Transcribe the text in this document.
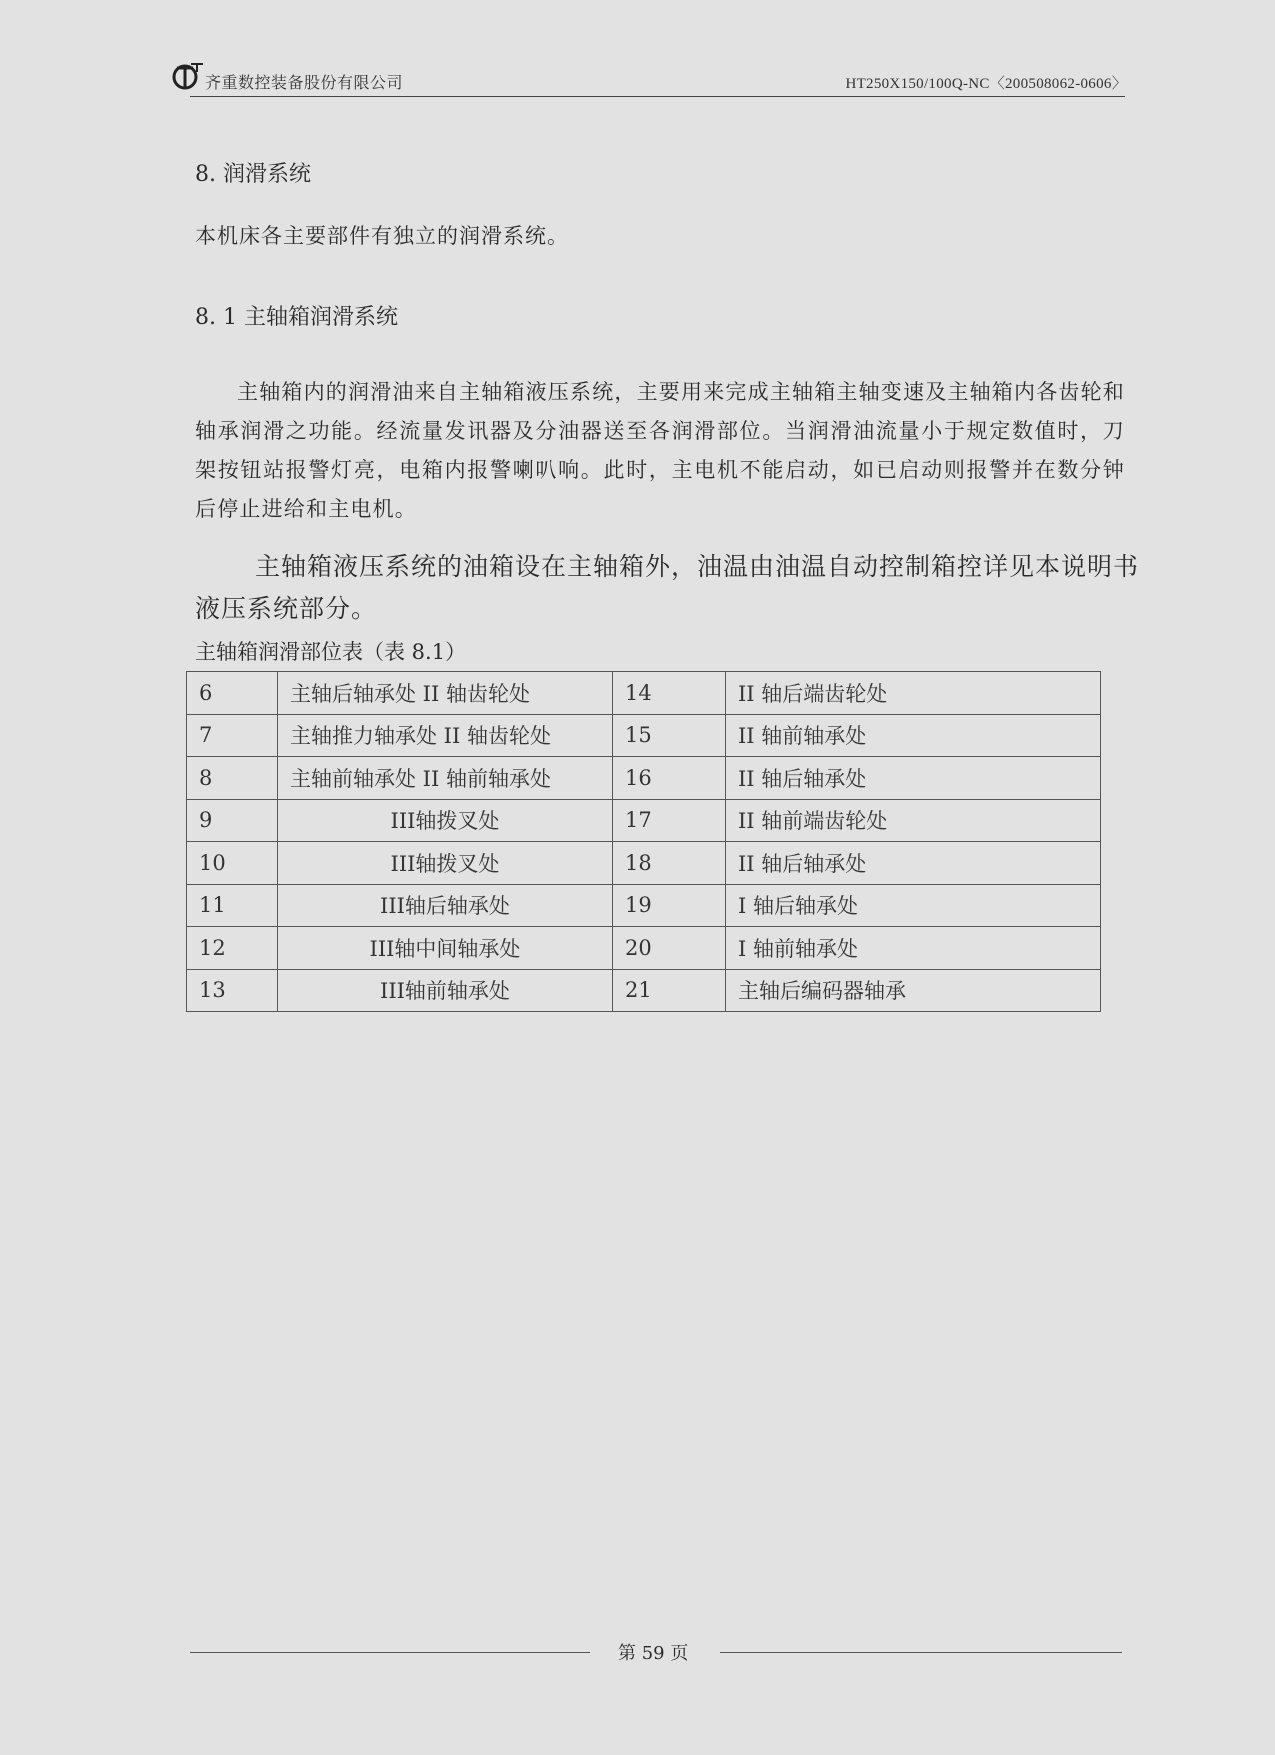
齐重数控装备股份有限公司	HT250X150/100Q-NC〈200508062-0606〉
8. 润滑系统
本机床各主要部件有独立的润滑系统。
8. 1 主轴箱润滑系统

主轴箱内的润滑油来自主轴箱液压系统，主要用来完成主轴箱主轴变速及主轴箱内各齿轮和轴承润滑之功能。经流量发讯器及分油器送至各润滑部位。当润滑油流量小于规定数值时，刀架按钮站报警灯亮，电箱内报警喇叭响。此时，主电机不能启动，如已启动则报警并在数分钟后停止进给和主电机。

主轴箱液压系统的油箱设在主轴箱外，油温由油温自动控制箱控详见本说明书液压系统部分。

主轴箱润滑部位表（表 8.1）
6	主轴后轴承处 II 轴齿轮处	14	II 轴后端齿轮处
7	主轴推力轴承处 II 轴齿轮处	15	II 轴前轴承处
8	主轴前轴承处 II 轴前轴承处	16	II 轴后轴承处
9	III轴拨叉处	17	II 轴前端齿轮处
10	III轴拨叉处	18	II 轴后轴承处
11	III轴后轴承处	19	I 轴后轴承处
12	III轴中间轴承处	20	I 轴前轴承处
13	III轴前轴承处	21	主轴后编码器轴承
第 59 页
